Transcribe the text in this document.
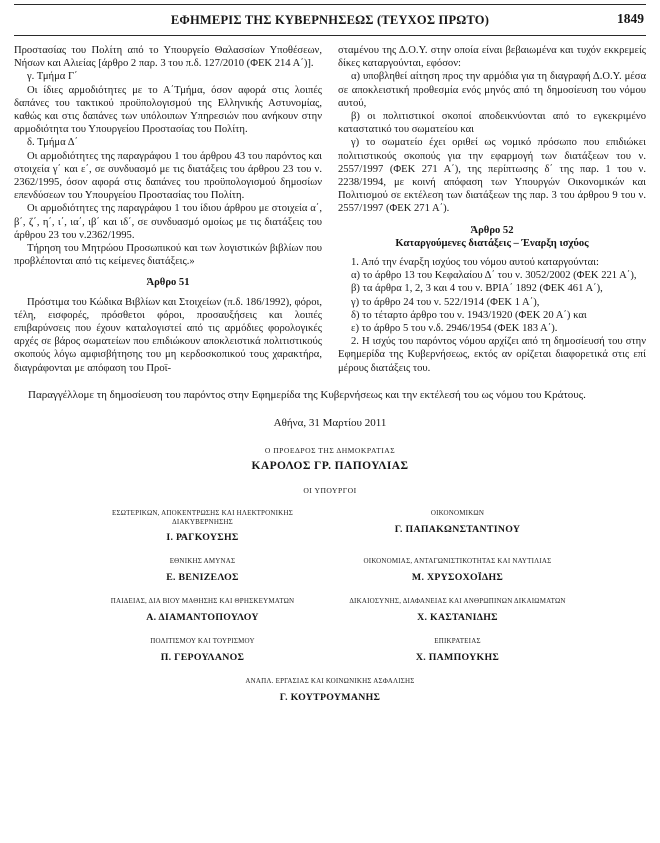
ΕΦΗΜΕΡΙΣ ΤΗΣ ΚΥΒΕΡΝΗΣΕΩΣ (ΤΕΥΧΟΣ ΠΡΩΤΟ)	1849

Προστασίας του Πολίτη από το Υπουργείο Θαλασσίων Υποθέσεων, Νήσων και Αλιείας [άρθρο 2 παρ. 3 του π.δ. 127/2010 (ΦΕΚ 214 Α΄)].

γ. Τμήμα Γ΄

Οι ίδιες αρμοδιότητες με το Α΄Τμήμα, όσον αφορά στις λοιπές δαπάνες του τακτικού προϋπολογισμού της Ελληνικής Αστυνομίας, καθώς και στις δαπάνες των υπόλοιπων Υπηρεσιών που ανήκουν στην αρμοδιότητα του Υπουργείου Προστασίας του Πολίτη.

δ. Τμήμα Δ΄

Οι αρμοδιότητες της παραγράφου 1 του άρθρου 43 του παρόντος και στοιχεία γ΄ και ε΄, σε συνδυασμό με τις διατάξεις του άρθρου 23 του ν. 2362/1995, όσον αφορά στις δαπάνες του προϋπολογισμού δημοσίων επενδύσεων του Υπουργείου Προστασίας του Πολίτη.

Οι αρμοδιότητες της παραγράφου 1 του ίδιου άρθρου με στοιχεία α΄, β΄, ζ΄, η΄, ι΄, ια΄, ιβ΄ και ιδ΄, σε συνδυασμό ομοίως με τις διατάξεις του άρθρου 23 του ν.2362/1995.

Τήρηση του Μητρώου Προσωπικού και των λογιστικών βιβλίων που προβλέπονται από τις κείμενες διατάξεις.»

Άρθρο 51

Πρόστιμα του Κώδικα Βιβλίων και Στοιχείων (π.δ. 186/1992), φόροι, τέλη, εισφορές, πρόσθετοι φόροι, προσαυξήσεις και λοιπές επιβαρύνσεις που έχουν καταλογιστεί από τις αρμόδιες φορολογικές αρχές σε βάρος σωματείων που επιδιώκουν αποκλειστικά πολιτιστικούς σκοπούς λόγω αμφισβήτησης του μη κερδοσκοπικού τους χαρακτήρα, διαγράφονται με απόφαση του Προϊ-

σταμένου της Δ.Ο.Υ. στην οποία είναι βεβαιωμένα και τυχόν εκκρεμείς δίκες καταργούνται, εφόσον:

α) υποβληθεί αίτηση προς την αρμόδια για τη διαγραφή Δ.Ο.Υ. μέσα σε αποκλειστική προθεσμία ενός μηνός από τη δημοσίευση του νόμου αυτού,

β) οι πολιτιστικοί σκοποί αποδεικνύονται από το εγκεκριμένο καταστατικό του σωματείου και

γ) το σωματείο έχει οριθεί ως νομικό πρόσωπο που επιδιώκει πολιτιστικούς σκοπούς για την εφαρμογή των διατάξεων του ν. 2557/1997 (ΦΕΚ 271 Α΄), της περίπτωσης δ΄ της παρ. 1 του ν. 2238/1994, με κοινή απόφαση των Υπουργών Οικονομικών και Πολιτισμού σε εκτέλεση των διατάξεων της παρ. 3 του άρθρου 9 του ν. 2557/1997 (ΦΕΚ 271 Α΄).

Άρθρο 52

Καταργούμενες διατάξεις – Έναρξη ισχύος

1. Από την έναρξη ισχύος του νόμου αυτού καταργούνται:

α) το άρθρο 13 του Κεφαλαίου Δ΄ του ν. 3052/2002 (ΦΕΚ 221 Α΄),

β) τα άρθρα 1, 2, 3 και 4 του ν. ΒΡΙΑ΄ 1892 (ΦΕΚ 461 Α΄),

γ) το άρθρο 24 του ν. 522/1914 (ΦΕΚ 1 Α΄),

δ) το τέταρτο άρθρο του ν. 1943/1920 (ΦΕΚ 20 Α΄) και

ε) το άρθρο 5 του ν.δ. 2946/1954 (ΦΕΚ 183 Α΄).

2. Η ισχύς του παρόντος νόμου αρχίζει από τη δημοσίευσή του στην Εφημερίδα της Κυβερνήσεως, εκτός αν ορίζεται διαφορετικά στις επί μέρους διατάξεις του.

Παραγγέλλομε τη δημοσίευση του παρόντος στην Εφημερίδα της Κυβερνήσεως και την εκτέλεσή του ως νόμου του Κράτους.

Αθήνα, 31 Μαρτίου 2011
Ο ΠΡΟΕΔΡΟΣ ΤΗΣ ΔΗΜΟΚΡΑΤΙΑΣ
ΚΑΡΟΛΟΣ ΓΡ. ΠΑΠΟΥΛΙΑΣ
ΟΙ ΥΠΟΥΡΓΟΙ
ΕΣΩΤΕΡΙΚΩΝ, ΑΠΟΚΕΝΤΡΩΣΗΣ ΚΑΙ ΗΛΕΚΤΡΟΝΙΚΗΣ ΔΙΑΚΥΒΕΡΝΗΣΗΣ
Ι. ΡΑΓΚΟΥΣΗΣ
ΟΙΚΟΝΟΜΙΚΩΝ
Γ. ΠΑΠΑΚΩΝΣΤΑΝΤΙΝΟΥ
ΕΘΝΙΚΗΣ ΑΜΥΝΑΣ
Ε. ΒΕΝΙΖΕΛΟΣ
ΟΙΚΟΝΟΜΙΑΣ, ΑΝΤΑΓΩΝΙΣΤΙΚΟΤΗΤΑΣ ΚΑΙ ΝΑΥΤΙΛΙΑΣ
Μ. ΧΡΥΣΟΧΟΪΔΗΣ
ΠΑΙΔΕΙΑΣ, ΔΙΑ ΒΙΟΥ ΜΑΘΗΣΗΣ ΚΑΙ ΘΡΗΣΚΕΥΜΑΤΩΝ
Α. ΔΙΑΜΑΝΤΟΠΟΥΛΟΥ
ΔΙΚΑΙΟΣΥΝΗΣ, ΔΙΑΦΑΝΕΙΑΣ ΚΑΙ ΑΝΘΡΩΠΙΝΩΝ ΔΙΚΑΙΩΜΑΤΩΝ
Χ. ΚΑΣΤΑΝΙΔΗΣ
ΠΟΛΙΤΙΣΜΟΥ ΚΑΙ ΤΟΥΡΙΣΜΟΥ
Π. ΓΕΡΟΥΛΑΝΟΣ
ΕΠΙΚΡΑΤΕΙΑΣ
Χ. ΠΑΜΠΟΥΚΗΣ
ΑΝΑΠΛ. ΕΡΓΑΣΙΑΣ ΚΑΙ ΚΟΙΝΩΝΙΚΗΣ ΑΣΦΑΛΙΣΗΣ
Γ. ΚΟΥΤΡΟΥΜΑΝΗΣ
